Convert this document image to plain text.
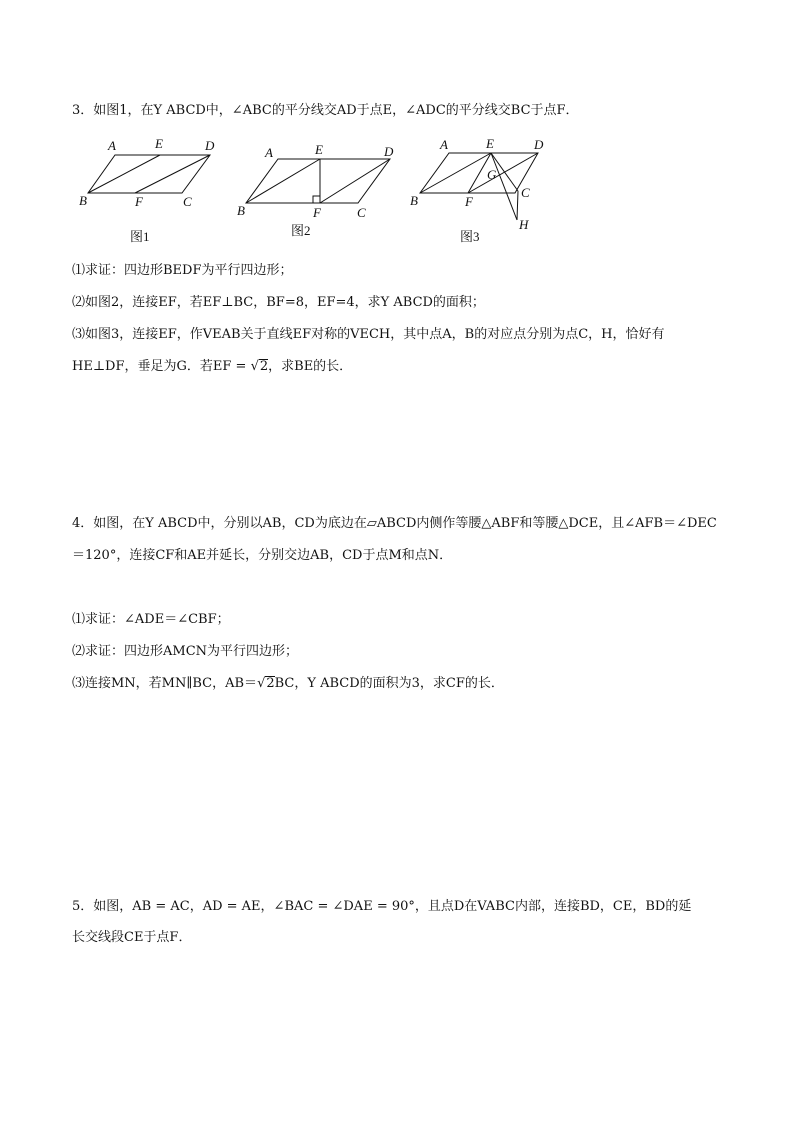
3．如图1，在Y ABCD中，∠ABC的平分线交AD于点E，∠ADC的平分线交BC于点F．
A	E	D
B	F	C
图1
A	E	D
B	F	C
图2
A	E	D
G
C
B	F
H
图3
⑴求证：四边形BEDF为平行四边形；
⑵如图2，连接EF，若EF⊥BC，BF=8，EF=4，求Y ABCD的面积；
⑶如图3，连接EF，作VEAB关于直线EF对称的VECH，其中点A，B的对应点分别为点C，H，恰好有
HE⊥DF，垂足为G．若EF = √2，求BE的长．
4．如图，在Y ABCD中，分别以AB，CD为底边在▱ABCD内侧作等腰△ABF和等腰△DCE，且∠AFB＝∠DEC
＝120°，连接CF和AE并延长，分别交边AB，CD于点M和点N．
⑴求证：∠ADE＝∠CBF；
⑵求证：四边形AMCN为平行四边形；
⑶连接MN，若MN∥BC，AB＝√2BC，Y ABCD的面积为3，求CF的长．
5．如图，AB = AC，AD = AE，∠BAC = ∠DAE = 90°，且点D在VABC内部，连接BD，CE，BD的延
长交线段CE于点F．
